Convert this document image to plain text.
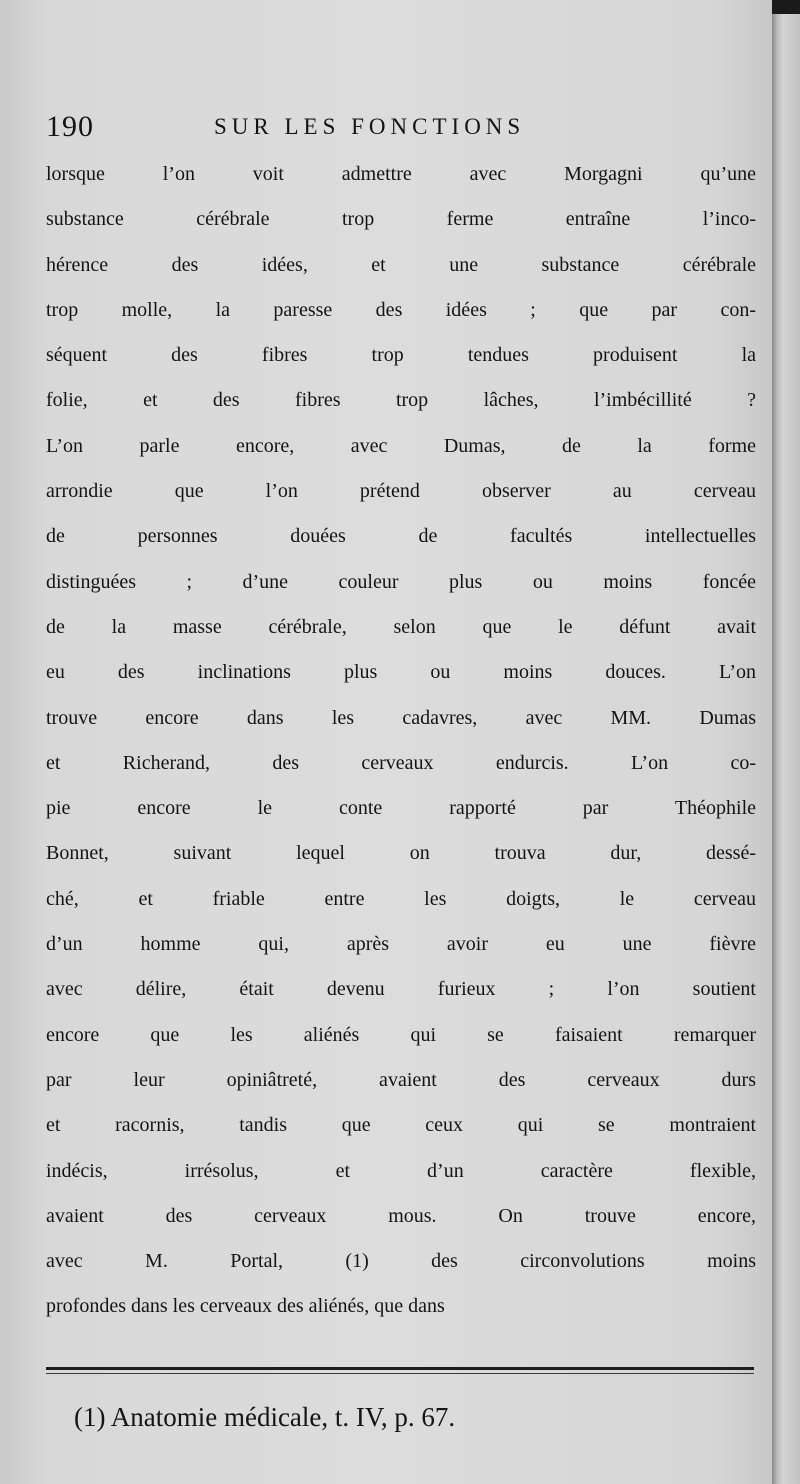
190	SUR LES FONCTIONS
lorsque l’on voit admettre avec Morgagni qu’une
substance cérébrale trop ferme entraîne l’inco-
hérence des idées, et une substance cérébrale
trop molle, la paresse des idées ; que par con-
séquent des fibres trop tendues produisent la
folie, et des fibres trop lâches, l’imbécillité ?
L’on parle encore, avec Dumas, de la forme
arrondie que l’on prétend observer au cerveau
de personnes douées de facultés intellectuelles
distinguées ; d’une couleur plus ou moins foncée
de la masse cérébrale, selon que le défunt avait
eu des inclinations plus ou moins douces. L’on
trouve encore dans les cadavres, avec MM. Dumas
et Richerand, des cerveaux endurcis. L’on co-
pie encore le conte rapporté par Théophile
Bonnet, suivant lequel on trouva dur, dessé-
ché, et friable entre les doigts, le cerveau
d’un homme qui, après avoir eu une fièvre
avec délire, était devenu furieux ; l’on soutient
encore que les aliénés qui se faisaient remarquer
par leur opiniâtreté, avaient des cerveaux durs
et racornis, tandis que ceux qui se montraient
indécis, irrésolus, et d’un caractère flexible,
avaient des cerveaux mous. On trouve encore,
avec M. Portal, (1) des circonvolutions moins
profondes dans les cerveaux des aliénés, que dans
(1) Anatomie médicale, t. IV, p. 67.
